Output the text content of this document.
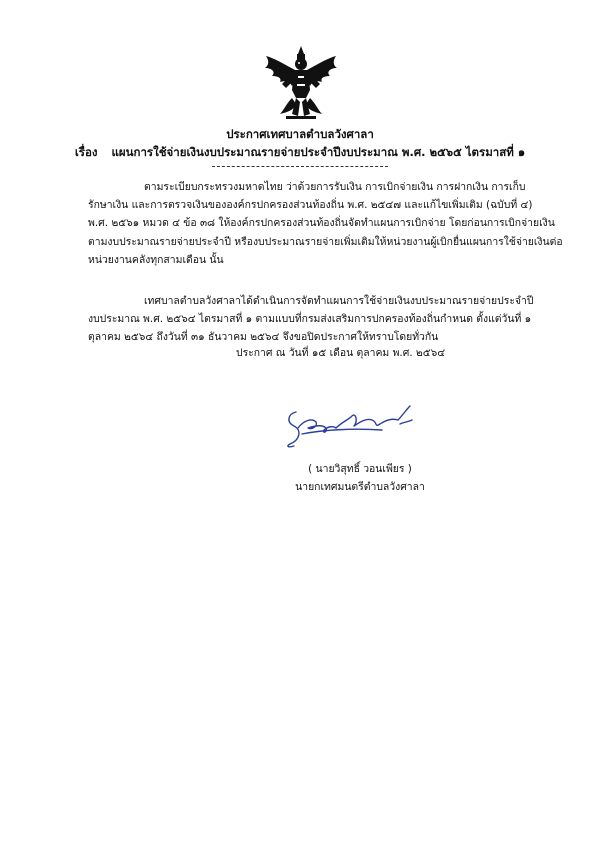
ประกาศเทศบาลตำบลวังศาลา
เรื่อง แผนการใช้จ่ายเงินงบประมาณรายจ่ายประจำปีงบประมาณ พ.ศ. ๒๕๖๕ ไตรมาสที่ ๑
ตามระเบียบกระทรวงมหาดไทย ว่าด้วยการรับเงิน การเบิกจ่ายเงิน การฝากเงิน การเก็บ
รักษาเงิน และการตรวจเงินขององค์กรปกครองส่วนท้องถิ่น พ.ศ. ๒๕๔๗ และแก้ไขเพิ่มเติม (ฉบับที่ ๔)
พ.ศ. ๒๕๖๑ หมวด ๔ ข้อ ๓๘ ให้องค์กรปกครองส่วนท้องถิ่นจัดทำแผนการเบิกจ่าย โดยก่อนการเบิกจ่ายเงิน
ตามงบประมาณรายจ่ายประจำปี หรืองบประมาณรายจ่ายเพิ่มเติมให้หน่วยงานผู้เบิกยื่นแผนการใช้จ่ายเงินต่อ
หน่วยงานคลังทุกสามเดือน นั้น
เทศบาลตำบลวังศาลาได้ดำเนินการจัดทำแผนการใช้จ่ายเงินงบประมาณรายจ่ายประจำปี
งบประมาณ พ.ศ. ๒๕๖๔ ไตรมาสที่ ๑ ตามแบบที่กรมส่งเสริมการปกครองท้องถิ่นกำหนด ตั้งแต่วันที่ ๑
ตุลาคม ๒๕๖๔ ถึงวันที่ ๓๑ ธันวาคม ๒๕๖๔ จึงขอปิดประกาศให้ทราบโดยทั่วกัน
ประกาศ ณ วันที่ ๑๕ เดือน ตุลาคม พ.ศ. ๒๕๖๔
( นายวิสุทธิ์ วอนเพียร )
นายกเทศมนตรีตำบลวังศาลา
